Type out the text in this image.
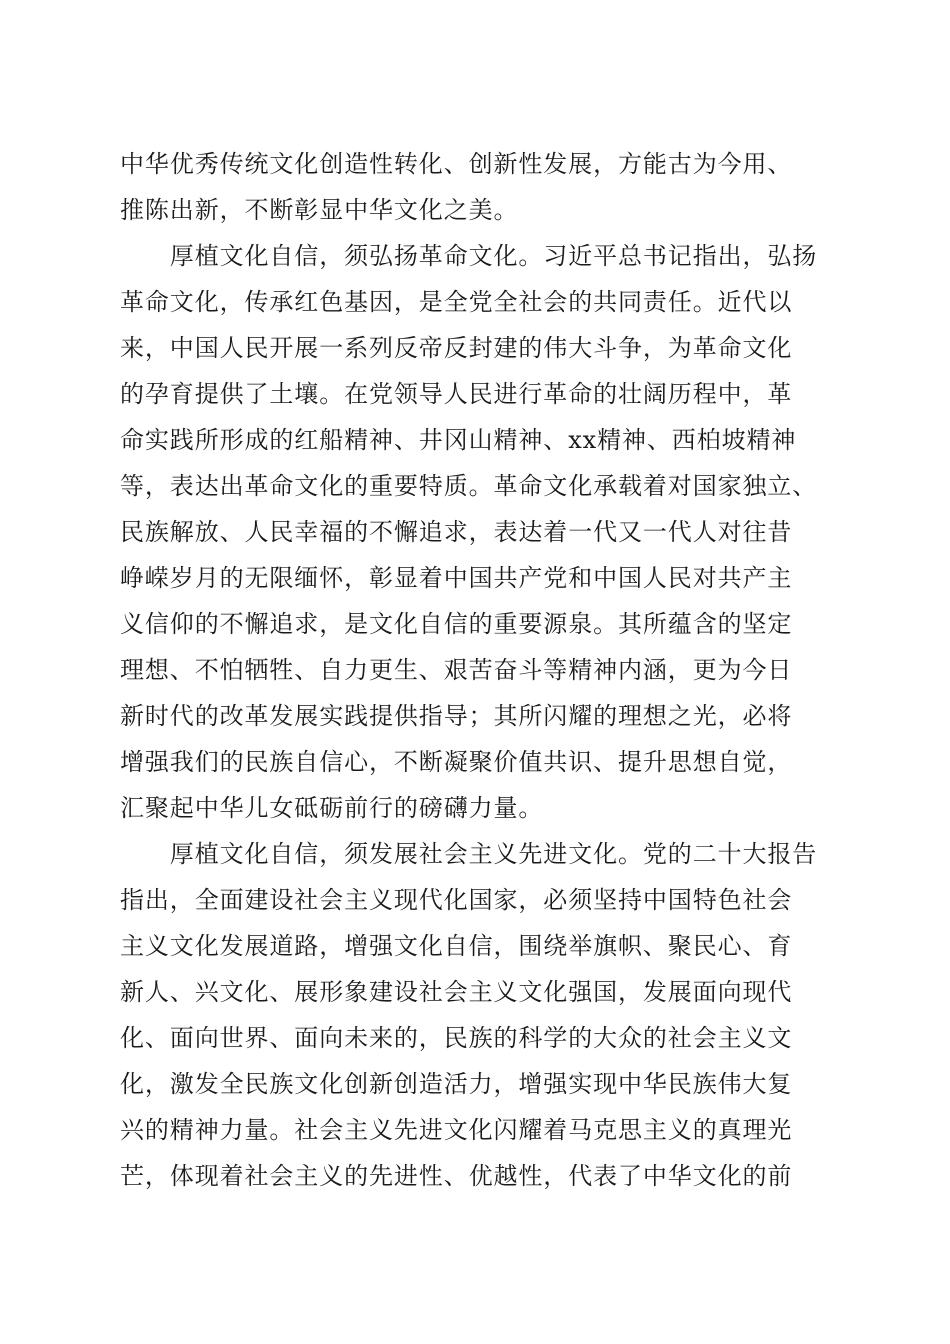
中华优秀传统文化创造性转化、创新性发展，方能古为今用、
推陈出新，不断彰显中华文化之美。
　　厚植文化自信，须弘扬革命文化。习近平总书记指出，弘扬
革命文化，传承红色基因，是全党全社会的共同责任。近代以
来，中国人民开展一系列反帝反封建的伟大斗争，为革命文化
的孕育提供了土壤。在党领导人民进行革命的壮阔历程中，革
命实践所形成的红船精神、井冈山精神、xx精神、西柏坡精神
等，表达出革命文化的重要特质。革命文化承载着对国家独立、
民族解放、人民幸福的不懈追求，表达着一代又一代人对往昔
峥嵘岁月的无限缅怀，彰显着中国共产党和中国人民对共产主
义信仰的不懈追求，是文化自信的重要源泉。其所蕴含的坚定
理想、不怕牺牲、自力更生、艰苦奋斗等精神内涵，更为今日
新时代的改革发展实践提供指导；其所闪耀的理想之光，必将
增强我们的民族自信心，不断凝聚价值共识、提升思想自觉，
汇聚起中华儿女砥砺前行的磅礴力量。
　　厚植文化自信，须发展社会主义先进文化。党的二十大报告
指出，全面建设社会主义现代化国家，必须坚持中国特色社会
主义文化发展道路，增强文化自信，围绕举旗帜、聚民心、育
新人、兴文化、展形象建设社会主义文化强国，发展面向现代
化、面向世界、面向未来的，民族的科学的大众的社会主义文
化，激发全民族文化创新创造活力，增强实现中华民族伟大复
兴的精神力量。社会主义先进文化闪耀着马克思主义的真理光
芒，体现着社会主义的先进性、优越性，代表了中华文化的前
